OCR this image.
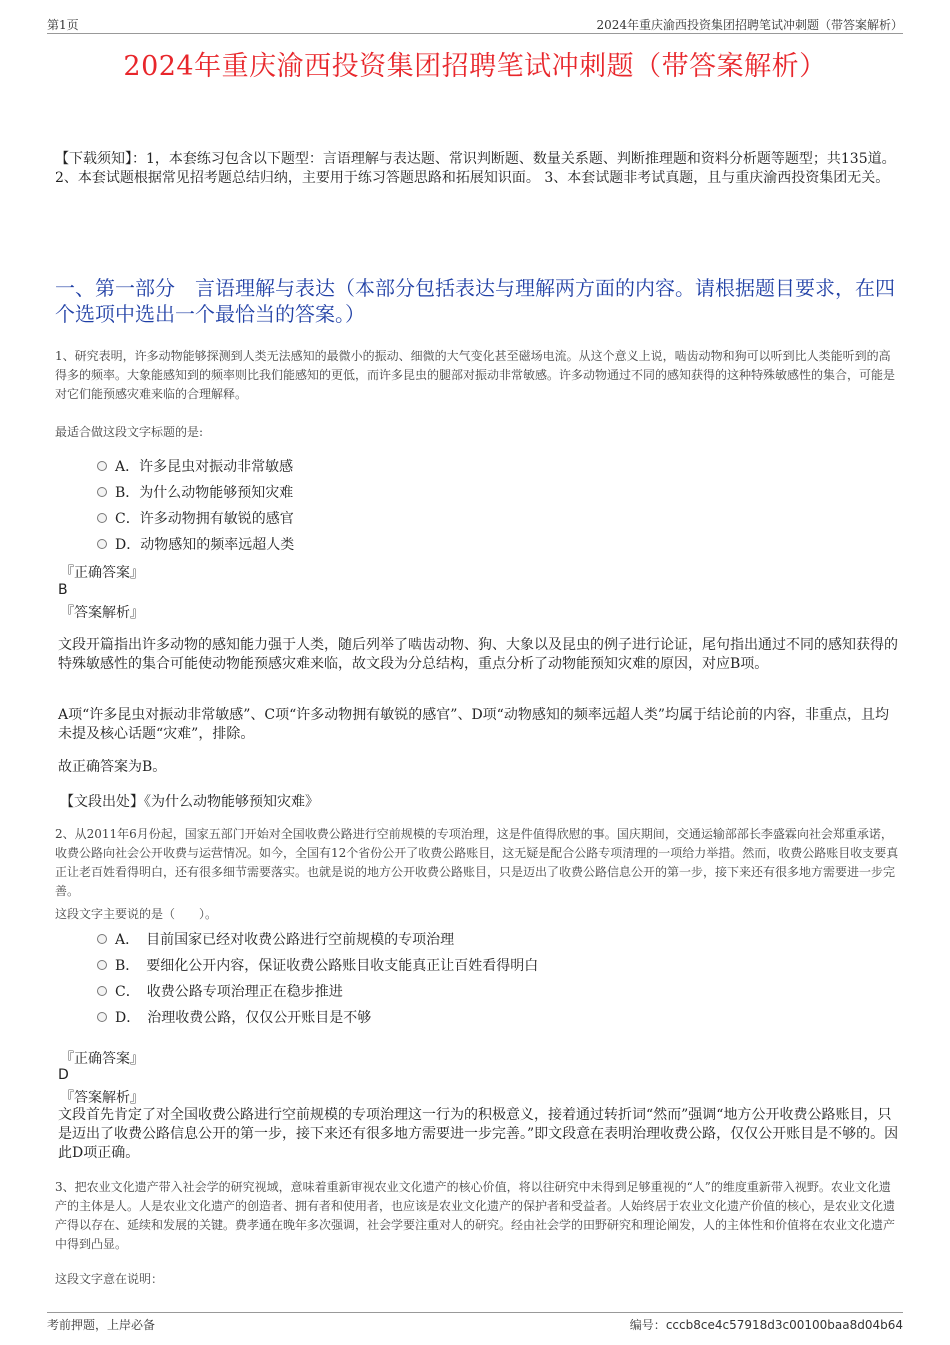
第1页	2024年重庆渝西投资集团招聘笔试冲刺题（带答案解析）
2024年重庆渝西投资集团招聘笔试冲刺题（带答案解析）
【下载须知】：1，本套练习包含以下题型：言语理解与表达题、常识判断题、数量关系题、判断推理题和资料分析题等题型；共135道。 2、本套试题根据常见招考题总结归纳，主要用于练习答题思路和拓展知识面。 3、本套试题非考试真题，且与重庆渝西投资集团无关。
一、第一部分　言语理解与表达（本部分包括表达与理解两方面的内容。请根据题目要求，在四个选项中选出一个最恰当的答案。）
1、研究表明，许多动物能够探测到人类无法感知的最微小的振动、细微的大气变化甚至磁场电流。从这个意义上说，啮齿动物和狗可以听到比人类能听到的高得多的频率。大象能感知到的频率则比我们能感知的更低，而许多昆虫的腿部对振动非常敏感。许多动物通过不同的感知获得的这种特殊敏感性的集合，可能是对它们能预感灾难来临的合理解释。
最适合做这段文字标题的是:
A．许多昆虫对振动非常敏感
B．为什么动物能够预知灾难
C．许多动物拥有敏锐的感官
D．动物感知的频率远超人类
『正确答案』
B
『答案解析』
文段开篇指出许多动物的感知能力强于人类，随后列举了啮齿动物、狗、大象以及昆虫的例子进行论证，尾句指出通过不同的感知获得的特殊敏感性的集合可能使动物能预感灾难来临，故文段为分总结构，重点分析了动物能预知灾难的原因，对应B项。
A项“许多昆虫对振动非常敏感”、C项“许多动物拥有敏锐的感官”、D项“动物感知的频率远超人类”均属于结论前的内容，非重点，且均未提及核心话题“灾难”，排除。
故正确答案为B。
【文段出处】《为什么动物能够预知灾难》
2、从2011年6月份起，国家五部门开始对全国收费公路进行空前规模的专项治理，这是件值得欣慰的事。国庆期间，交通运输部部长李盛霖向社会郑重承诺，收费公路向社会公开收费与运营情况。如今，全国有12个省份公开了收费公路账目，这无疑是配合公路专项清理的一项给力举措。然而，收费公路账目收支要真正让老百姓看得明白，还有很多细节需要落实。也就是说的地方公开收费公路账目，只是迈出了收费公路信息公开的第一步，接下来还有很多地方需要进一步完善。
这段文字主要说的是（　　）。
A．　目前国家已经对收费公路进行空前规模的专项治理
B．　要细化公开内容，保证收费公路账目收支能真正让百姓看得明白
C．　收费公路专项治理正在稳步推进
D．　治理收费公路，仅仅公开账目是不够
『正确答案』
D
『答案解析』
文段首先肯定了对全国收费公路进行空前规模的专项治理这一行为的积极意义，接着通过转折词“然而”强调“地方公开收费公路账目，只是迈出了收费公路信息公开的第一步，接下来还有很多地方需要进一步完善。”即文段意在表明治理收费公路，仅仅公开账目是不够的。因此D项正确。
3、把农业文化遗产带入社会学的研究视域，意味着重新审视农业文化遗产的核心价值，将以往研究中未得到足够重视的“人”的维度重新带入视野。农业文化遗产的主体是人。人是农业文化遗产的创造者、拥有者和使用者，也应该是农业文化遗产的保护者和受益者。人始终居于农业文化遗产价值的核心，是农业文化遗产得以存在、延续和发展的关键。费孝通在晚年多次强调，社会学要注重对人的研究。经由社会学的田野研究和理论阐发，人的主体性和价值将在农业文化遗产中得到凸显。
这段文字意在说明：
考前押题，上岸必备	编号：cccb8ce4c57918d3c00100baa8d04b64
